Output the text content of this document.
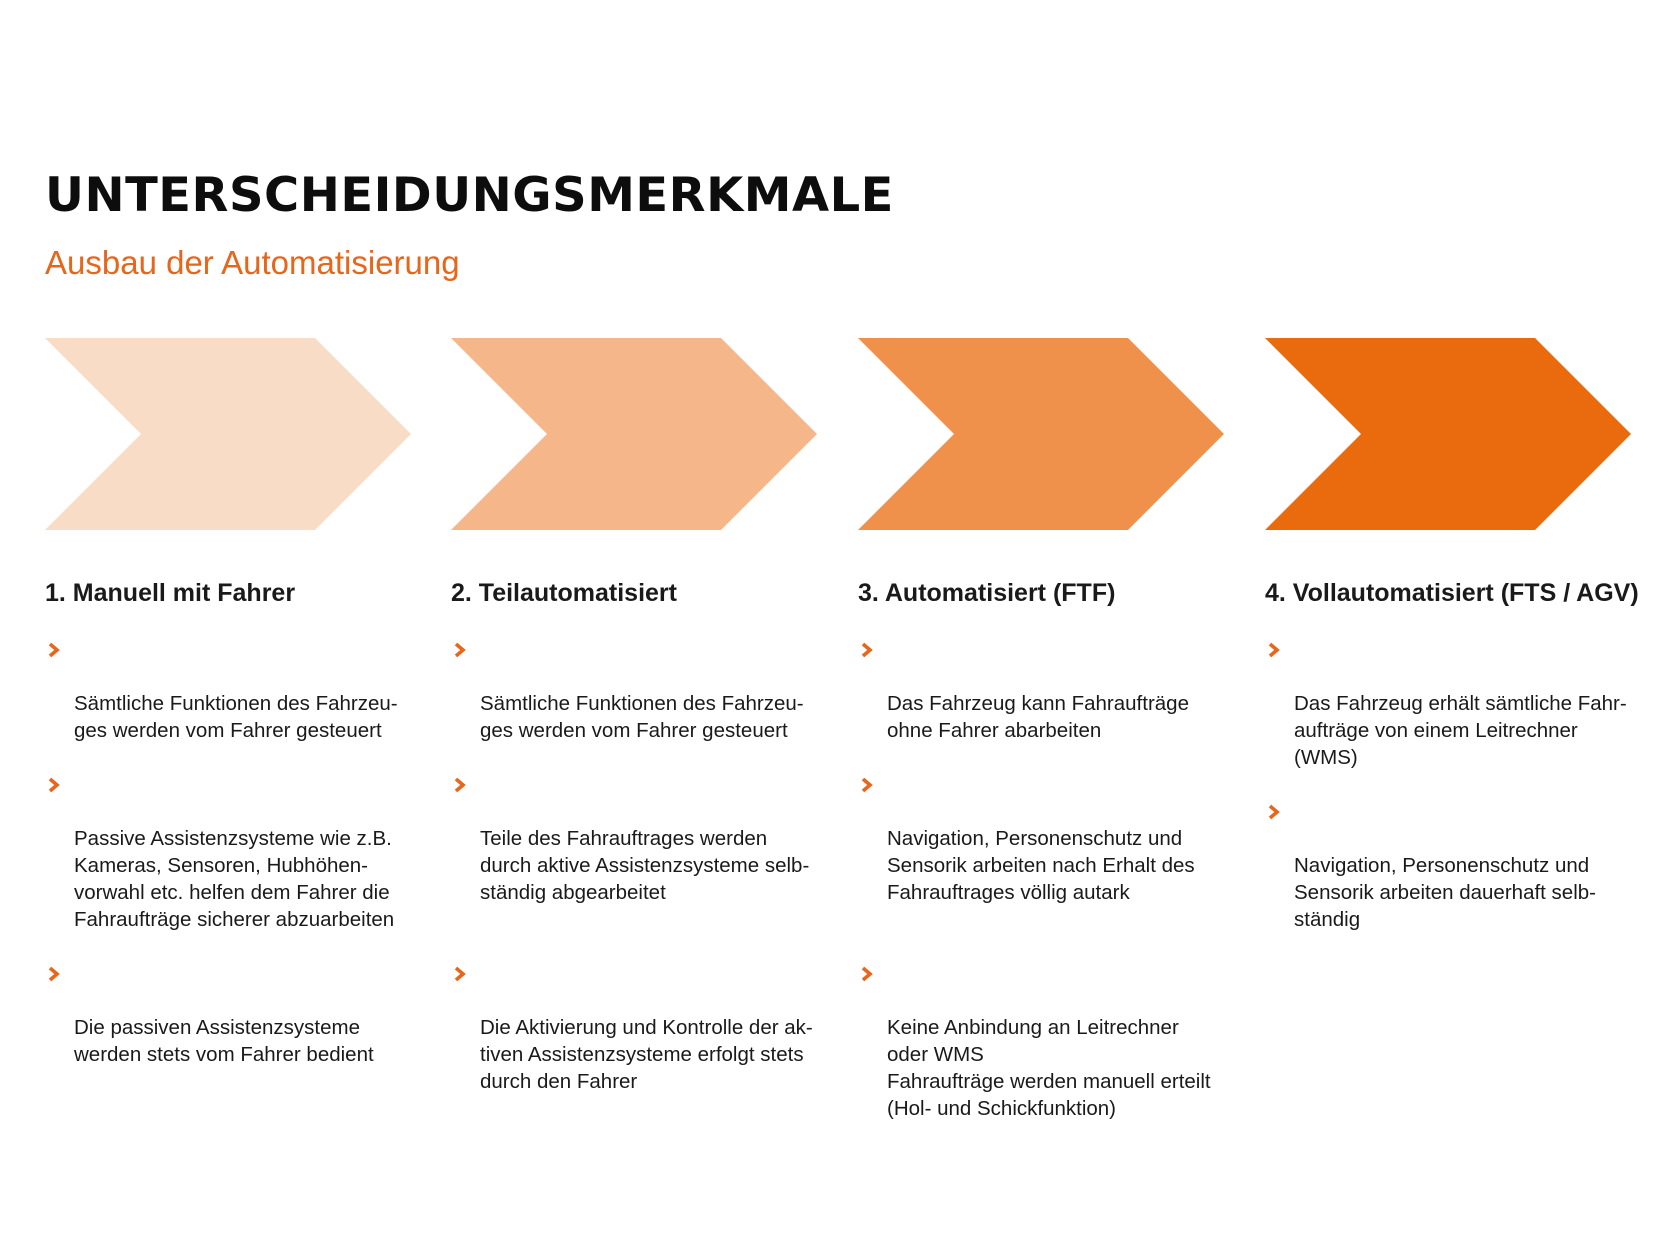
UNTERSCHEIDUNGSMERKMALE
Ausbau der Automatisierung
1. Manuell mit Fahrer

Sämtliche Funktionen des Fahrzeu-
ges werden vom Fahrer gesteuert

Passive Assistenzsysteme wie z.B.
Kameras, Sensoren, Hubhöhen-
vorwahl etc. helfen dem Fahrer die
Fahraufträge sicherer abzuarbeiten

Die passiven Assistenzsysteme
werden stets vom Fahrer bedient

2. Teilautomatisiert

Sämtliche Funktionen des Fahrzeu-
ges werden vom Fahrer gesteuert

Teile des Fahrauftrages werden
durch aktive Assistenzsysteme selb-
ständig abgearbeitet

Die Aktivierung und Kontrolle der ak-
tiven Assistenzsysteme erfolgt stets
durch den Fahrer

3. Automatisiert (FTF)

Das Fahrzeug kann Fahraufträge
ohne Fahrer abarbeiten

Navigation, Personenschutz und
Sensorik arbeiten nach Erhalt des
Fahrauftrages völlig autark

Keine Anbindung an Leitrechner
oder WMS
Fahraufträge werden manuell erteilt
(Hol- und Schickfunktion)

4. Vollautomatisiert (FTS / AGV)

Das Fahrzeug erhält sämtliche Fahr-
aufträge von einem Leitrechner
(WMS)

Navigation, Personenschutz und
Sensorik arbeiten dauerhaft selb-
ständig
